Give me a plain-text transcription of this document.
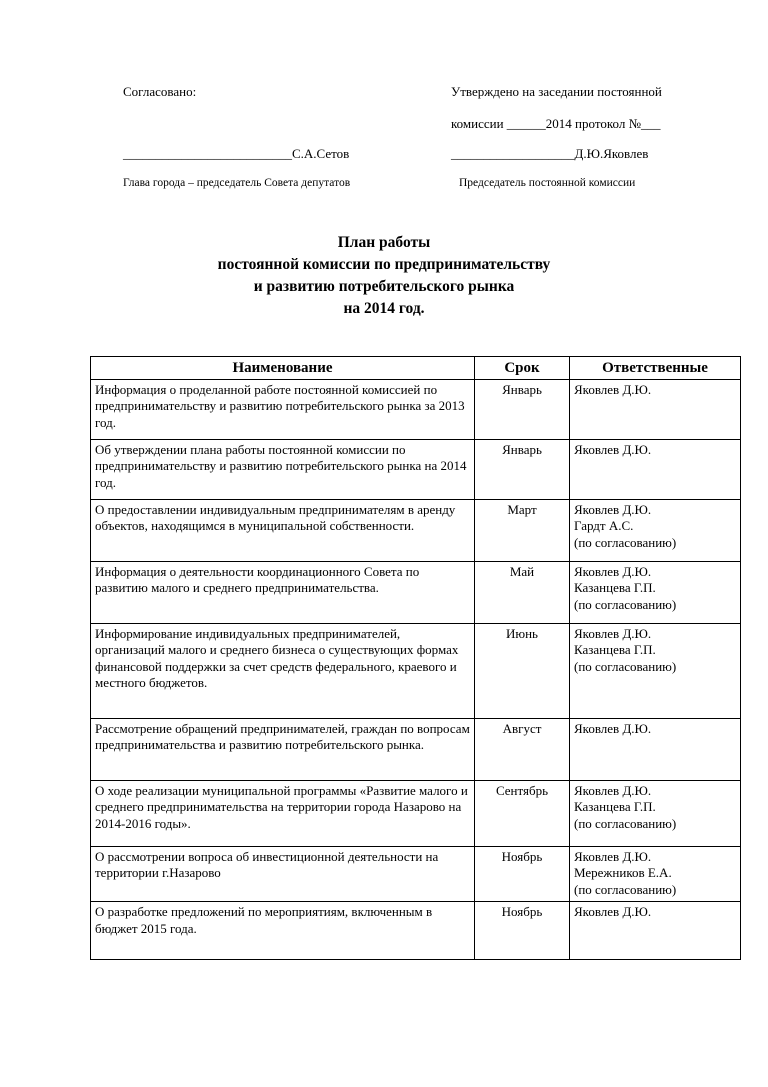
Согласовано:
__________________________С.А.Сетов
Глава города – председатель Совета депутатов
Утверждено на заседании постоянной
комиссии ______2014 протокол №___
___________________Д.Ю.Яковлев
Председатель постоянной комиссии
План работы
постоянной комиссии по предпринимательству
и развитию потребительского рынка
на 2014 год.
Наименование	Срок	Ответственные
Информация о проделанной работе постоянной комиссией по предпринимательству и развитию потребительского рынка за 2013 год.	Январь	Яковлев Д.Ю.

Об утверждении плана работы постоянной комиссии по предпринимательству и развитию потребительского рынка на 2014 год.	Январь	Яковлев Д.Ю.

О предоставлении индивидуальным предпринимателям в аренду объектов, находящимся в муниципальной собственности.	Март	Яковлев Д.Ю.
Гардт А.С.
(по согласованию)

Информация о деятельности координационного Совета по развитию малого и среднего предпринимательства.	Май	Яковлев Д.Ю.
Казанцева Г.П.
(по согласованию)

Информирование индивидуальных предпринимателей, организаций малого и среднего бизнеса о существующих формах финансовой поддержки за счет средств федерального, краевого и местного бюджетов.	Июнь	Яковлев Д.Ю.
Казанцева Г.П.
(по согласованию)

Рассмотрение обращений предпринимателей, граждан по вопросам предпринимательства и развитию потребительского рынка.	Август	Яковлев Д.Ю.

О ходе реализации муниципальной программы «Развитие малого и среднего предпринимательства на территории города Назарово на 2014-2016 годы».	Сентябрь	Яковлев Д.Ю.
Казанцева Г.П.
(по согласованию)

О рассмотрении вопроса об инвестиционной деятельности на территории г.Назарово	Ноябрь	Яковлев Д.Ю.
Мережников Е.А.
(по согласованию)

О разработке предложений по мероприятиям, включенным в бюджет 2015 года.	Ноябрь	Яковлев Д.Ю.
